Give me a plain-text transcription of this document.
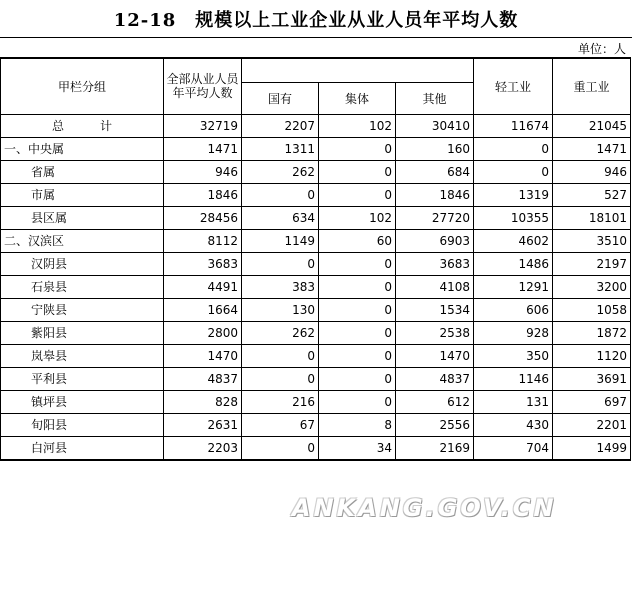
12-18　规模以上工业企业从业人员年平均人数
单位：人
甲栏分组	全部从业人员年平均人数				轻工业	重工业
		国有	集体	其他		
总　　　计	32719	2207	102	30410	11674	21045
一、中央属	1471	1311	0	160	0	1471
省属	946	262	0	684	0	946
市属	1846	0	0	1846	1319	527
县区属	28456	634	102	27720	10355	18101
二、汉滨区	8112	1149	60	6903	4602	3510
汉阴县	3683	0	0	3683	1486	2197
石泉县	4491	383	0	4108	1291	3200
宁陕县	1664	130	0	1534	606	1058
紫阳县	2800	262	0	2538	928	1872
岚皋县	1470	0	0	1470	350	1120
平利县	4837	0	0	4837	1146	3691
镇坪县	828	216	0	612	131	697
旬阳县	2631	67	8	2556	430	2201
白河县	2203	0	34	2169	704	1499
ANKANG.GOV.CN
